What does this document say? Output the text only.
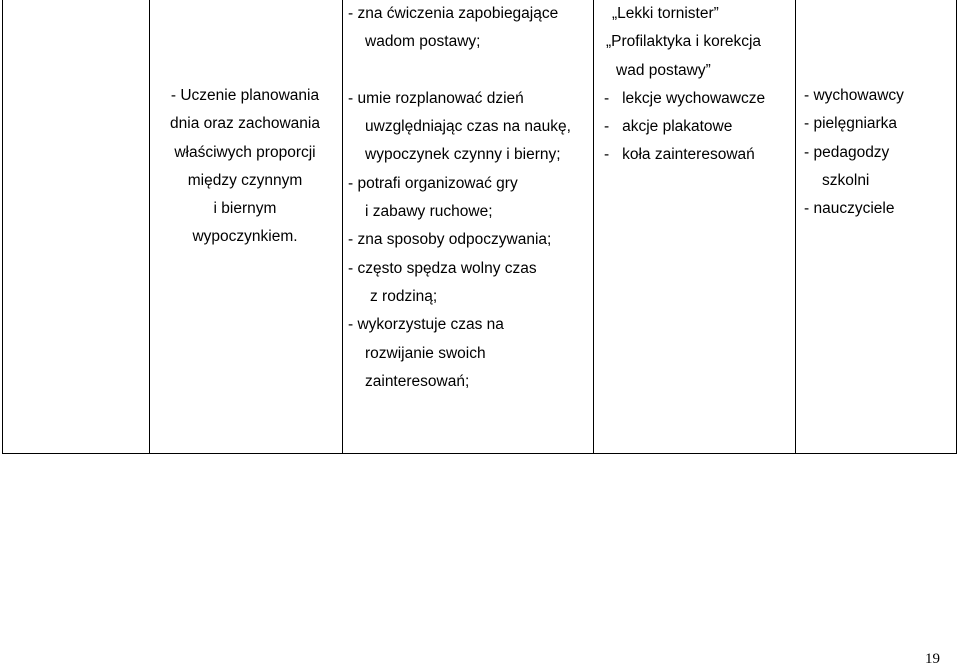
- Uczenie planowania
dnia oraz zachowania
właściwych proporcji
między czynnym
i biernym
wypoczynkiem.
- zna ćwiczenia zapobiegające
wadom postawy;
- umie rozplanować dzień
uwzględniając czas na naukę,
wypoczynek czynny i bierny;
- potrafi organizować gry
i zabawy ruchowe;
- zna sposoby odpoczywania;
- często spędza wolny czas
z rodziną;
- wykorzystuje czas na
rozwijanie swoich
zainteresowań;
„Lekki tornister”
„Profilaktyka i korekcja
wad postawy”
-   lekcje wychowawcze
-   akcje plakatowe
-   koła zainteresowań
- wychowawcy
- pielęgniarka
- pedagodzy
szkolni
- nauczyciele
19
